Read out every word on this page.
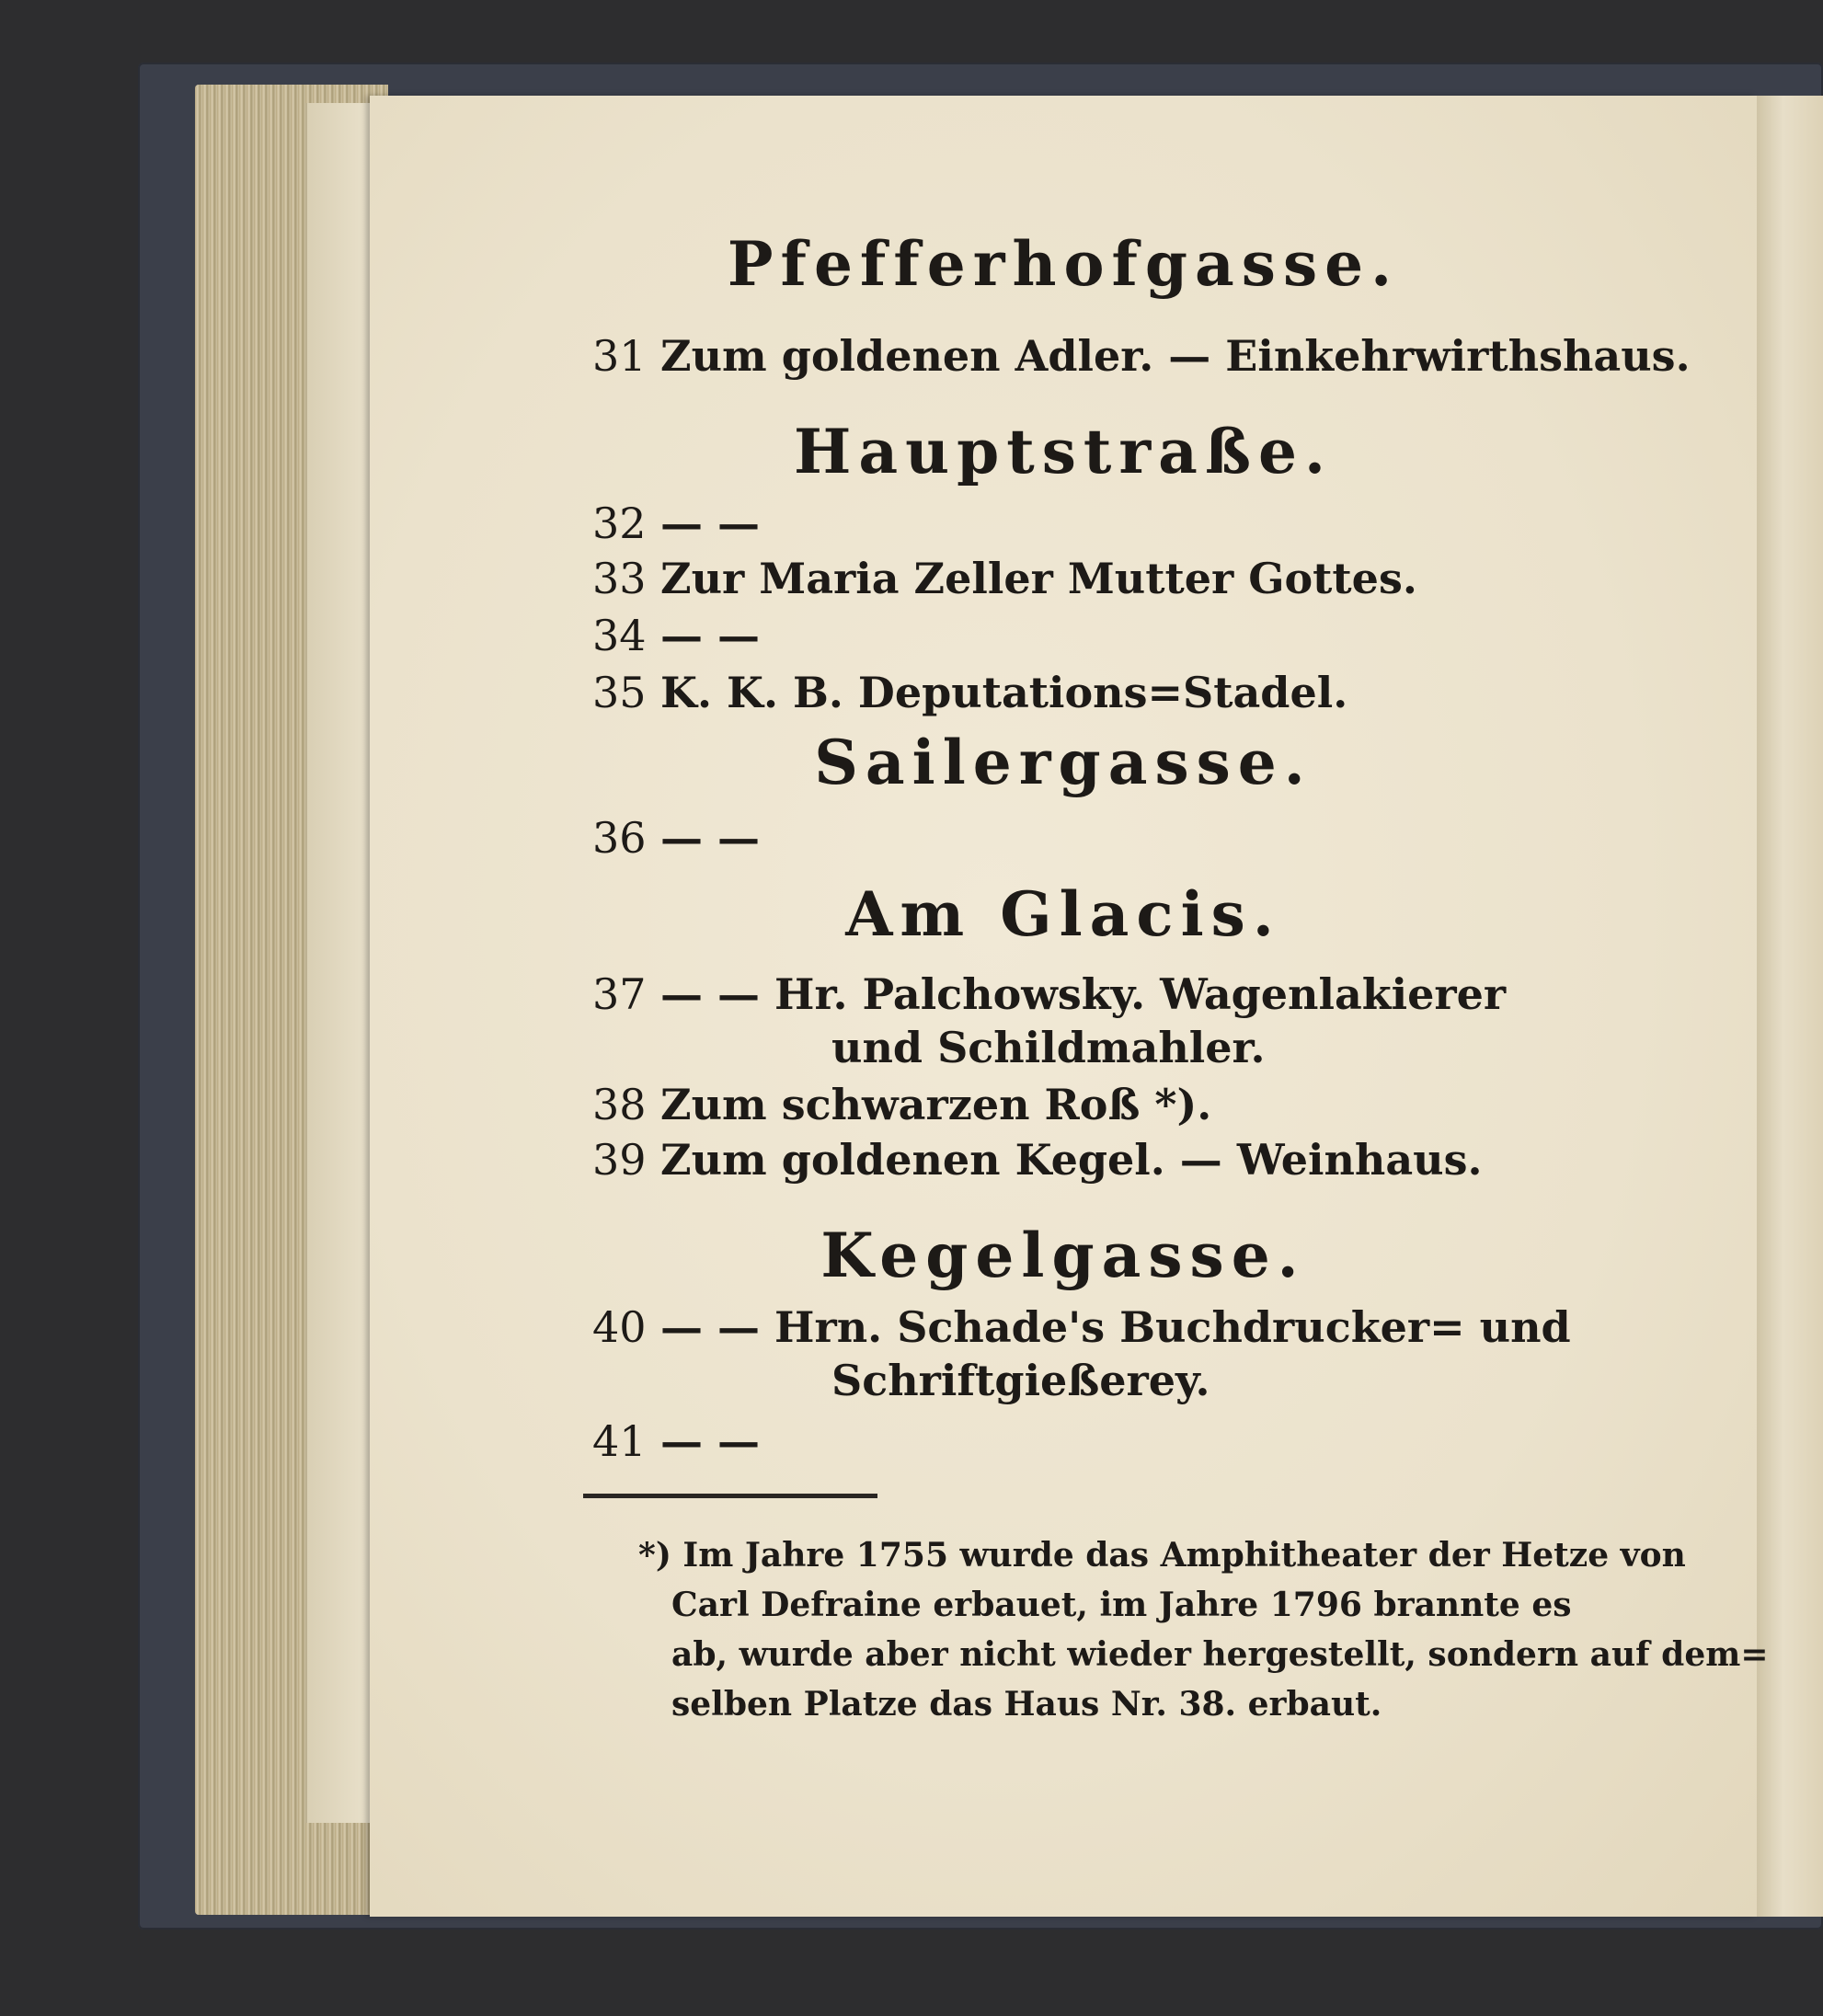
Pfefferhofgasse.
Hauptstraße.
Sailergasse.
Am Glacis.
Kegelgasse.
31 Zum goldenen Adler. — Einkehrwirthshaus.
32 — —
33 Zur Maria Zeller Mutter Gottes.
34 — —
35 K. K. B. Deputations=Stadel.
36 — —
37 — — Hr. Palchowsky. Wagenlakierer
und Schildmahler.
38 Zum schwarzen Roß *).
39 Zum goldenen Kegel. — Weinhaus.
40 — — Hrn. Schade's Buchdrucker= und
Schriftgießerey.
41 — —
*) Im Jahre 1755 wurde das Amphitheater der Hetze von
Carl Defraine erbauet, im Jahre 1796 brannte es
ab, wurde aber nicht wieder hergestellt, sondern auf dem=
selben Platze das Haus Nr. 38. erbaut.
